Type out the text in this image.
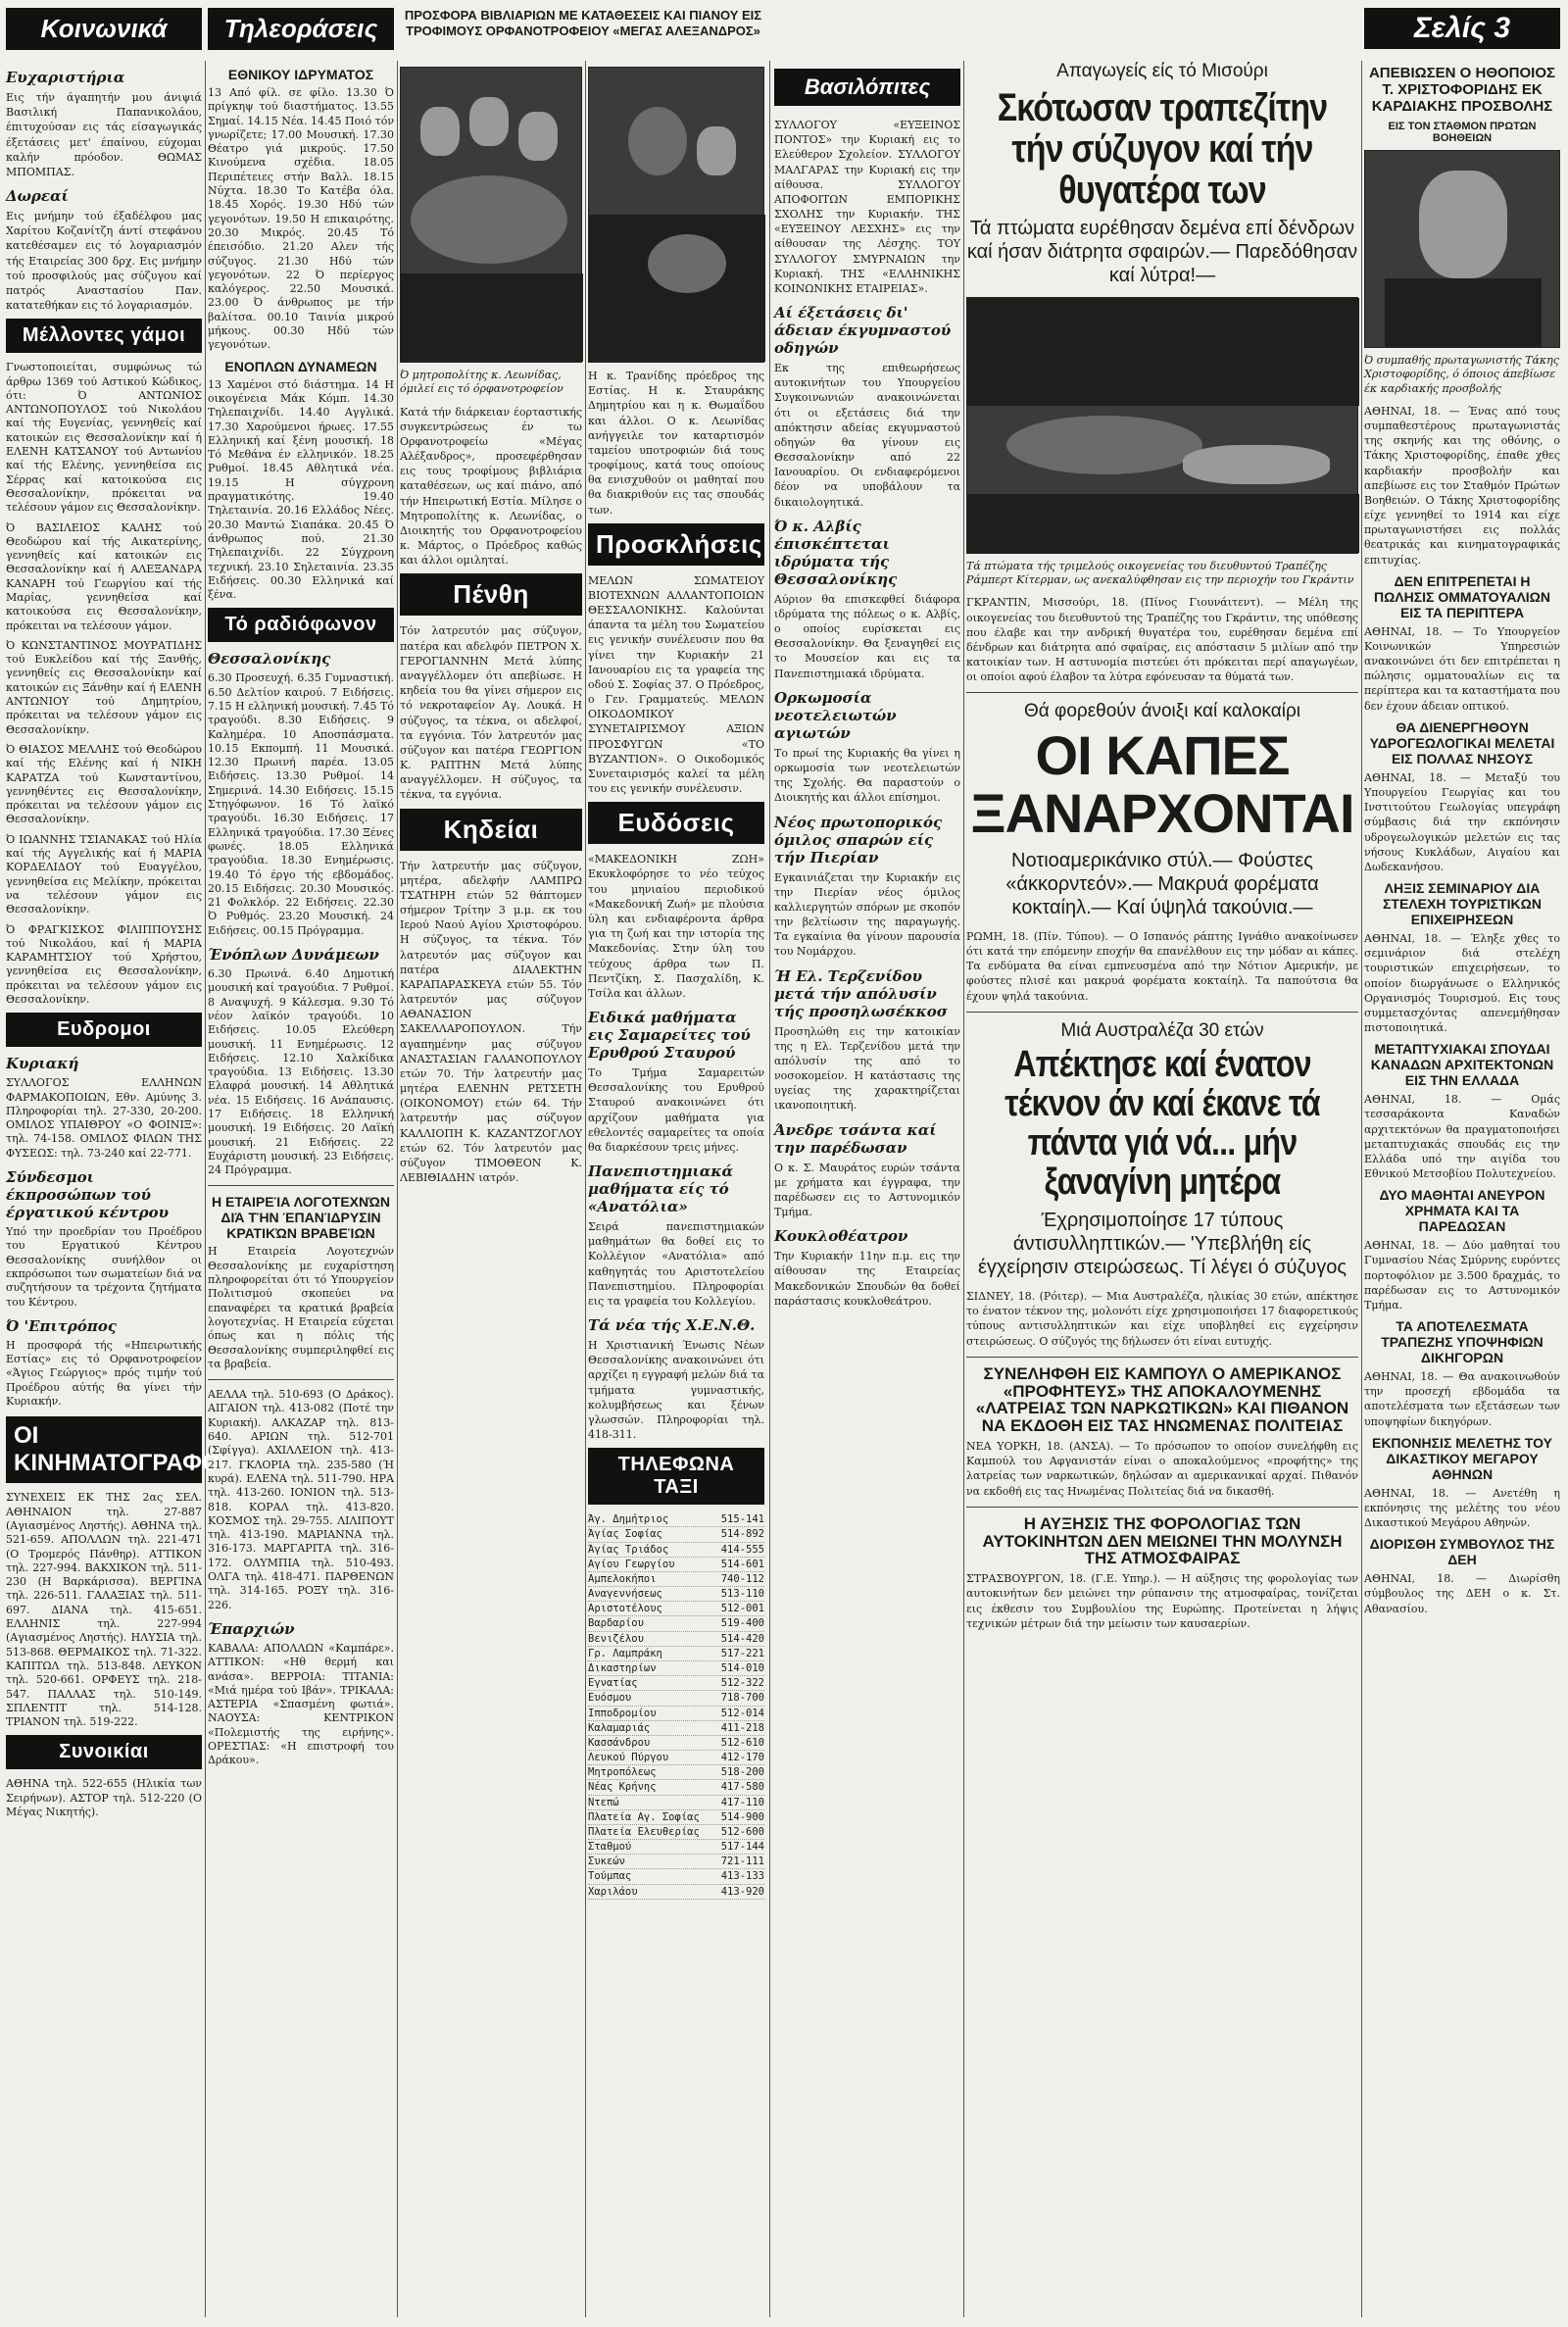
Κοινωνικά	Τηλεοράσεις	ΠΡΟΣΦΟΡΑ ΒΙΒΛΙΑΡΙΩΝ ΜΕ ΚΑΤΑΘΕΣΕΙΣ ΚΑΙ ΠΙΑΝΟΥ ΕΙΣ ΤΡΟΦΙΜΟΥΣ ΟΡΦΑΝΟΤΡΟΦΕΙΟΥ «ΜΕΓΑΣ ΑΛΕΞΑΝΔΡΟΣ»
Βασιλόπιτες
Σελίς 3
Ευχαριστήρια

Εις τήν άγαπητήν μου άνιψιά Βασιλική Παπανικολάου, έπιτυχούσαν εις τάς είσαγωγικάς έξετάσεις μετ' έπαίνου, εύχομαι καλήν πρόοδον. ΘΩΜΑΣ ΜΠΟΜΠΑΣ.

Δωρεαί

Εις μνήμην τού έξαδέλφου μας Χαρίτου Κοζανίτζη άντί στεφάνου κατεθέσαμεν εις τό λογαριασμόν τής Εταιρείας 300 δρχ. Εις μνήμην τού προσφιλούς μας σύζυγου καί πατρός Αναστασίου Παν. κατατεθήκαν εις τό λογαριασμόν.

Μέλλοντες γάμοι

Γνωστοποιείται, συμφώνως τώ άρθρω 1369 τού Αστικού Κώδικος, ότι: Ό ΑΝΤΩΝΙΟΣ ΑΝΤΩΝΟΠΟΥΛΟΣ τού Νικολάου καί τής Ευγενίας, γεννηθείς καί κατοικών εις Θεσσαλονίκην καί ή ΕΛΕΝΗ ΚΑΤΣΑΝΟΥ τού Αντωνίου καί τής Ελένης, γεννηθείσα εις Σέρρας καί κατοικούσα εις Θεσσαλονίκην, πρόκειται να τελέσουν γάμον εις Θεσσαλονίκην.

Ό ΒΑΣΙΛΕΙΟΣ ΚΑΛΗΣ τού Θεοδώρου καί τής Αικατερίνης, γεννηθείς καί κατοικών εις Θεσσαλονίκην καί ή ΑΛΕΞΑΝΔΡΑ ΚΑΝΑΡΗ τού Γεωργίου καί τής Μαρίας, γεννηθείσα καί κατοικούσα εις Θεσσαλονίκην, πρόκειται να τελέσουν γάμον.

Ό ΚΩΝΣΤΑΝΤΙΝΟΣ ΜΟΥΡΑΤΙΔΗΣ τού Ευκλείδου καί τής Ξανθής, γεννηθείς εις Θεσσαλονίκην καί κατοικών εις Ξάνθην καί ή ΕΛΕΝΗ ΑΝΤΩΝΙΟΥ τού Δημητρίου, πρόκειται να τελέσουν γάμον εις Θεσσαλονίκην.

Ό ΘΙΑΣΟΣ ΜΕΛΛΗΣ τού Θεοδώρου καί τής Ελένης καί ή ΝΙΚΗ ΚΑΡΑΤΖΑ τού Κωνσταντίνου, γεννηθέντες εις Θεσσαλονίκην, πρόκειται να τελέσουν γάμον εις Θεσσαλονίκην.

Ό ΙΩΑΝΝΗΣ ΤΣΙΑΝΑΚΑΣ τού Ηλία καί τής Αγγελικής καί ή ΜΑΡΙΑ ΚΟΡΔΕΛΙΔΟΥ τού Ευαγγέλου, γεννηθείσα εις Μελίκην, πρόκειται να τελέσουν γάμον εις Θεσσαλονίκην.

Ό ΦΡΑΓΚΙΣΚΟΣ ΦΙΛΙΠΠΟΥΣΗΣ τού Νικολάου, καί ή ΜΑΡΙΑ ΚΑΡΑΜΗΤΣΙΟΥ τού Χρήστου, γεννηθείσα εις Θεσσαλονίκην, πρόκειται να τελέσουν γάμον εις Θεσσαλονίκην.

Ευδρομοι
Κυριακή

ΣΥΛΛΟΓΟΣ ΕΛΛΗΝΩΝ ΦΑΡΜΑΚΟΠΟΙΩΝ, Εθν. Αμύνης 3. Πληροφορίαι τηλ. 27-330, 20-200. ΟΜΙΛΟΣ ΥΠΑΙΘΡΟΥ «Ο ΦΟΙΝΙΞ»: τηλ. 74-158. ΟΜΙΛΟΣ ΦΙΛΩΝ ΤΗΣ ΦΥΣΕΩΣ: τηλ. 73-240 καί 22-771.

Σύνδεσμοι έκπροσώπων τού έργατικού κέντρου

Υπό την προεδρίαν του Προέδρου του Εργατικού Κέντρου Θεσσαλονίκης συνήλθον οι εκπρόσωποι των σωματείων διά να συζητήσουν τα τρέχοντα ζητήματα του Κέντρου.

Ό 'Επιτρόπος

Η προσφορά τής «Ηπειρωτικής Εστίας» εις τό Ορφανοτροφείον «Άγιος Γεώργιος» πρός τιμήν τού Προέδρου αύτής θα γίνει τήν Κυριακήν.

ΟΙ ΚΙΝΗΜΑΤΟΓΡΑΦΟΙ

ΣΥΝΕΧΕΙΣ ΕΚ ΤΗΣ 2ας ΣΕΛ. ΑΘΗΝΑΙΟΝ τηλ. 27-887 (Αγιασμένος Ληστής). ΑΘΗΝΑ τηλ. 521-659. ΑΠΟΛΛΩΝ τηλ. 221-471 (Ο Τρομερός Πάνθηρ). ΑΤΤΙΚΟΝ τηλ. 227-994. ΒΑΚΧΙΚΟΝ τηλ. 511-230 (Η Βαρκάρισσα). ΒΕΡΓΙΝΑ τηλ. 226-511. ΓΑΛΑΞΙΑΣ τηλ. 511-697. ΔΙΑΝΑ τηλ. 415-651. ΕΛΛΗΝΙΣ τηλ. 227-994 (Αγιασμένος Ληστής). ΗΛΥΣΙΑ τηλ. 513-868. ΘΕΡΜΑΙΚΟΣ τηλ. 71-322. ΚΑΠΙΤΩΛ τηλ. 513-848. ΛΕΥΚΟΝ τηλ. 520-661. ΟΡΦΕΥΣ τηλ. 218-547. ΠΑΛΛΑΣ τηλ. 510-149. ΣΠΛΕΝΤΙΤ τηλ. 514-128. ΤΡΙΑΝΟΝ τηλ. 519-222.

Συνοικίαι

ΑΘΗΝΑ τηλ. 522-655 (Ηλικία των Σειρήνων). ΑΣΤΟΡ τηλ. 512-220 (Ο Μέγας Νικητής).

ΕΘΝΙΚΟΥ ΙΔΡΥΜΑΤΟΣ

13 Από φίλ. σε φίλο. 13.30 Ό πρίγκηψ τού διαστήματος. 13.55 Σημαί. 14.15 Νέα. 14.45 Ποιό τόν γνωρίζετε; 17.00 Μουσική. 17.30 Θέατρο γιά μικρούς. 17.50 Κινούμενα σχέδια. 18.05 Περιπέτειες στήν Βαλλ. 18.15 Νύχτα. 18.30 Το Κατέβα όλα. 18.45 Χορός. 19.30 Ηδύ τών γεγονότων. 19.50 Η επικαιρότης. 20.30 Μικρός. 20.45 Τό έπεισόδιο. 21.20 Αλεν τής σύζυγος. 21.30 Ηδύ τών γεγονότων. 22 Ό περίεργος καλόγερος. 22.50 Μουσικά. 23.00 Ό άνθρωπος με τήν βαλίτσα. 00.10 Ταινία μικρού μήκους. 00.30 Ηδύ τών γεγονότων.

ΕΝΟΠΛΩΝ ΔΥΝΑΜΕΩΝ

13 Χαμένοι στό διάστημα. 14 Η οικογένεια Μάκ Κόμπ. 14.30 Τηλεπαιχνίδι. 14.40 Αγγλικά. 17.30 Χαρούμενοι ήρωες. 17.55 Ελληνική καί ξένη μουσική. 18 Τό Μεθάνα έν ελληνικόν. 18.25 Ρυθμοί. 18.45 Αθλητικά νέα. 19.15 Η σύγχρονη πραγματικότης. 19.40 Τηλεταινία. 20.16 Ελλάδος Νέες. 20.30 Μαντώ Σιαπάκα. 20.45 Ό άνθρωπος πού. 21.30 Τηλεπαιχνίδι. 22 Σύγχρονη τεχνική. 23.10 Σηλεταινία. 23.35 Ειδήσεις. 00.30 Ελληνικά καί ξένα.

Τό ραδιόφωνον
Θεσσαλονίκης

6.30 Προσευχή. 6.35 Γυμναστική. 6.50 Δελτίον καιρού. 7 Ειδήσεις. 7.15 Η ελληνική μουσική. 7.45 Τό τραγούδι. 8.30 Ειδήσεις. 9 Καλημέρα. 10 Αποσπάσματα. 10.15 Εκπομπή. 11 Μουσικά. 12.30 Πρωινή παρέα. 13.05 Ειδήσεις. 13.30 Ρυθμοί. 14 Σημερινά. 14.30 Ειδήσεις. 15.15 Στηγόφωνον. 16 Τό λαϊκό τραγούδι. 16.30 Ειδήσεις. 17 Ελληνικά τραγούδια. 17.30 Ξένες φωνές. 18.05 Ελληνικά τραγούδια. 18.30 Ενημέρωσις. 19.40 Τό έργο τής εβδομάδος. 20.15 Ειδήσεις. 20.30 Μουσικός. 21 Φολκλόρ. 22 Ειδήσεις. 22.30 Ό Ρυθμός. 23.20 Μουσική. 24 Ειδήσεις. 00.15 Πρόγραμμα.

Ένόπλων Δυνάμεων

6.30 Πρωινά. 6.40 Δημοτική μουσική καί τραγούδια. 7 Ρυθμοί. 8 Αναψυχή. 9 Κάλεσμα. 9.30 Τό νέον λαϊκόν τραγούδι. 10 Ειδήσεις. 10.05 Ελεύθερη μουσική. 11 Ενημέρωσις. 12 Ειδήσεις. 12.10 Χαλκίδικα τραγούδια. 13 Ειδήσεις. 13.30 Ελαφρά μουσική. 14 Αθλητικά νέα. 15 Ειδήσεις. 16 Ανάπαυσις. 17 Ειδήσεις. 18 Ελληνική μουσική. 19 Ειδήσεις. 20 Λαϊκή μουσική. 21 Ειδήσεις. 22 Ευχάριστη μουσική. 23 Ειδήσεις. 24 Πρόγραμμα.

Η ΕΤΑΙΡΕΊΑ ΛΟΓΟΤΕΧΝΏΝ ΔΙΆ ΤΉΝ ΈΠΑΝΊΔΡΥΣΙΝ ΚΡΑΤΙΚΏΝ ΒΡΑΒΕΊΩΝ

Η Εταιρεία Λογοτεχνών Θεσσαλονίκης με ευχαρίστηση πληροφορείται ότι τό Υπουργείον Πολιτισμού σκοπεύει να επαναφέρει τα κρατικά βραβεία λογοτεχνίας. Η Εταιρεία εύχεται όπως και η πόλις τής Θεσσαλονίκης συμπεριληφθεί εις τα βραβεία.

ΑΕΛΛΑ τηλ. 510-693 (Ο Δράκος). ΑΙΓΑΙΟΝ τηλ. 413-082 (Ποτέ την Κυριακή). ΑΛΚΑΖΑΡ τηλ. 813-640. ΑΡΙΩΝ τηλ. 512-701 (Σφίγγα). ΑΧΙΛΛΕΙΟΝ τηλ. 413-217. ΓΚΛΟΡΙΑ τηλ. 235-580 (Ή κυρά). ΕΛΕΝΑ τηλ. 511-790. ΗΡΑ τηλ. 413-260. ΙΟΝΙΟΝ τηλ. 513-818. ΚΟΡΑΛ τηλ. 413-820. ΚΟΣΜΟΣ τηλ. 29-755. ΛΙΛΙΠΟΥΤ τηλ. 413-190. ΜΑΡΙΑΝΝΑ τηλ. 316-173. ΜΑΡΓΑΡΙΤΑ τηλ. 316-172. ΟΛΥΜΠΙΑ τηλ. 510-493. ΟΛΓΑ τηλ. 418-471. ΠΑΡΘΕΝΩΝ τηλ. 314-165. ΡΟΞΥ τηλ. 316-226.

Έπαρχιών

ΚΑΒΑΛΑ: ΑΠΟΛΛΩΝ «Καμπάρε». ΑΤΤΙΚΟΝ: «Ηθ θερμή και ανάσα». ΒΕΡΡΟΙΑ: ΤΙΤΑΝΙΑ: «Μιά ημέρα τού Ιβάν». ΤΡΙΚΑΛΑ: ΑΣΤΕΡΙΑ «Σπασμένη φωτιά». ΝΑΟΥΣΑ: ΚΕΝΤΡΙΚΟΝ «Πολεμιστής της ειρήνης». ΟΡΕΣΤΙΑΣ: «Η επιστροφή του Δράκου».

Ό μητροπολίτης κ. Λεωνίδας, όμιλεί εις τό όρφανοτροφείον

Κατά τήν διάρκειαν έορταστικής συγκεντρώσεως έν τω Ορφανοτροφείω «Μέγας Αλέξανδρος», προσεφέρθησαν εις τους τροφίμους βιβλιάρια καταθέσεων, ως καί πιάνο, από τήν Ηπειρωτική Εστία. Μίλησε ο Μητροπολίτης κ. Λεωνίδας, ο Διοικητής του Ορφανοτροφείου κ. Μάρτος, ο Πρόεδρος καθώς και άλλοι ομιληταί.

Πένθη

Τόν λατρευτόν μας σύζυγον, πατέρα και αδελφόν ΠΕΤΡΟΝ Χ. ΓΕΡΟΓΙΑΝΝΗΝ Μετά λύπης αναγγέλλομεν ότι απεβίωσε. Η κηδεία του θα γίνει σήμερον εις τό νεκροταφείον Αγ. Λουκά. Η σύζυγος, τα τέκνα, οι αδελφοί, τα εγγόνια. Τόν λατρευτόν μας σύζυγον και πατέρα ΓΕΩΡΓΙΟΝ Κ. ΡΑΠΤΗΝ Μετά λύπης αναγγέλλομεν. Η σύζυγος, τα τέκνα, τα εγγόνια.

Κηδείαι

Τήν λατρευτήν μας σύζυγον, μητέρα, αδελφήν ΛΑΜΠΡΩ ΤΣΑΤΗΡΗ ετών 52 θάπτομεν σήμερον Τρίτην 3 μ.μ. εκ του Ιερού Ναού Αγίου Χριστοφόρου. Η σύζυγος, τα τέκνα. Τόν λατρευτόν μας σύζυγον και πατέρα ΔΙΑΛΕΚΤΗΝ ΚΑΡΑΠΑΡΑΣΚΕΥΑ ετών 55. Τόν λατρευτόν μας σύζυγον ΑΘΑΝΑΣΙΟΝ ΣΑΚΕΛΛΑΡΟΠΟΥΛΟΝ. Τήν αγαπημένην μας σύζυγον ΑΝΑΣΤΑΣΙΑΝ ΓΑΛΑΝΟΠΟΥΛΟΥ ετών 70. Τήν λατρευτήν μας μητέρα ΕΛΕΝΗΝ ΡΕΤΣΕΤΗ (ΟΙΚΟΝΟΜΟΥ) ετών 64. Τήν λατρευτήν μας σύζυγον ΚΑΛΛΙΟΠΗ Κ. ΚΑΖΑΝΤΖΟΓΛΟΥ ετών 62. Τόν λατρευτόν μας σύζυγον ΤΙΜΟΘΕΟΝ Κ. ΛΕΒΙΘΙΑΔΗΝ ιατρόν.

Η κ. Τρανίδης πρόεδρος της Εστίας. Η κ. Σταυράκης Δημητρίου και η κ. Θωμαΐδου και άλλοι. Ο κ. Λεωνίδας ανήγγειλε τον καταρτισμόν ταμείου υποτροφιών διά τους τροφίμους, κατά τους οποίους θα ενισχυθούν οι μαθηταί που θα διακριθούν εις τας σπουδάς των.

Προσκλήσεις

ΜΕΛΩΝ ΣΩΜΑΤΕΙΟΥ ΒΙΟΤΕΧΝΩΝ ΑΛΛΑΝΤΟΠΟΙΩΝ ΘΕΣΣΑΛΟΝΙΚΗΣ. Καλούνται άπαντα τα μέλη του Σωματείου εις γενικήν συνέλευσιν που θα γίνει την Κυριακήν 21 Ιανουαρίου εις τα γραφεία της οδού Σ. Σοφίας 37. Ο Πρόεδρος, ο Γεν. Γραμματεύς. ΜΕΛΩΝ ΟΙΚΟΔΟΜΙΚΟΥ ΣΥΝΕΤΑΙΡΙΣΜΟΥ ΑΞΙΩΝ ΠΡΟΣΦΥΓΩΝ «ΤΟ ΒΥΖΑΝΤΙΟΝ». Ο Οικοδομικός Συνεταιρισμός καλεί τα μέλη του εις γενικήν συνέλευσιν.

Ευδόσεις

«ΜΑΚΕΔΟΝΙΚΗ ΖΩΗ» Εκυκλοφόρησε το νέο τεύχος του μηνιαίου περιοδικού «Μακεδονική Ζωή» με πλούσια ύλη και ενδιαφέροντα άρθρα για τη ζωή και την ιστορία της Μακεδονίας. Στην ύλη του τεύχους άρθρα των Π. Πεντζίκη, Σ. Πασχαλίδη, Κ. Τσίλα και άλλων.

Ειδικά μαθήματα εις Σαμαρείτες τού Ερυθρού Σταυρού

Το Τμήμα Σαμαρειτών Θεσσαλονίκης του Ερυθρού Σταυρού ανακοινώνει ότι αρχίζουν μαθήματα για εθελοντές σαμαρείτες τα οποία θα διαρκέσουν τρεις μήνες.

Πανεπιστημιακά μαθήματα είς τό «Ανατόλια»

Σειρά πανεπιστημιακών μαθημάτων θα δοθεί εις το Κολλέγιον «Ανατόλια» από καθηγητάς του Αριστοτελείου Πανεπιστημίου. Πληροφορίαι εις τα γραφεία του Κολλεγίου.

Τά νέα τής Χ.Ε.Ν.Θ.

Η Χριστιανική Ένωσις Νέων Θεσσαλονίκης ανακοινώνει ότι αρχίζει η εγγραφή μελών διά τα τμήματα γυμναστικής, κολυμβήσεως και ξένων γλωσσών. Πληροφορίαι τηλ. 418-311.

ΤΗΛΕΦΩΝΑ ΤΑΞΙ
Άγ. Δημήτριος	515-141
Άγίας Σοφίας	514-892
Άγίας Τριάδος	414-555
Αγίου Γεωργίου	514-601
Αμπελοκήποι	740-112
Αναγεννήσεως	513-110
Αριστοτέλους	512-001
Βαρδαρίου	519-400
Βενιζέλου	514-420
Γρ. Λαμπράκη	517-221
Δικαστηρίων	514-010
Εγνατίας	512-322
Ευόσμου	718-700
Ιπποδρομίου	512-014
Καλαμαριάς	411-218
Κασσάνδρου	512-610
Λευκού Πύργου	412-170
Μητροπόλεως	518-200
Νέας Κρήνης	417-580
Ντεπώ	417-110
Πλατεία Αγ. Σοφίας 514-900
Πλατεία Ελευθερίας 512-600
Σταθμού	517-144
Συκεών	721-111
Τούμπας	413-133
Χαριλάου	413-920

ΣΥΛΛΟΓΟΥ «ΕΥΞΕΙΝΟΣ ΠΟΝΤΟΣ» την Κυριακή εις το Ελεύθερον Σχολείον. ΣΥΛΛΟΓΟΥ ΜΑΛΓΑΡΑΣ την Κυριακή εις την αίθουσα. ΣΥΛΛΟΓΟΥ ΑΠΟΦΟΙΤΩΝ ΕΜΠΟΡΙΚΗΣ ΣΧΟΛΗΣ την Κυριακήν. ΤΗΣ «ΕΥΞΕΙΝΟΥ ΛΕΣΧΗΣ» εις την αίθουσαν της Λέσχης. ΤΟΥ ΣΥΛΛΟΓΟΥ ΣΜΥΡΝΑΙΩΝ την Κυριακή. ΤΗΣ «ΕΛΛΗΝΙΚΗΣ ΚΟΙΝΩΝΙΚΗΣ ΕΤΑΙΡΕΙΑΣ».

Αί έξετάσεις δι' άδειαν έκγυμναστού οδηγών

Εκ της επιθεωρήσεως αυτοκινήτων του Υπουργείου Συγκοινωνιών ανακοινώνεται ότι οι εξετάσεις διά την απόκτησιν αδείας εκγυμναστού οδηγών θα γίνουν εις Θεσσαλονίκην από 22 Ιανουαρίου. Οι ενδιαφερόμενοι δέον να υποβάλουν τα δικαιολογητικά.

Ό κ. Αλβίς έπισκέπτεται ιδρύματα τής Θεσσαλονίκης

Αύριον θα επισκεφθεί διάφορα ιδρύματα της πόλεως ο κ. Αλβίς, ο οποίος ευρίσκεται εις Θεσσαλονίκην. Θα ξεναγηθεί εις το Μουσείον και εις τα Πανεπιστημιακά ιδρύματα.

Ορκωμοσία νεοτελειωτών αγιωτών

Το πρωί της Κυριακής θα γίνει η ορκωμοσία των νεοτελειωτών της Σχολής. Θα παραστούν ο Διοικητής και άλλοι επίσημοι.

Νέος πρωτοπορικός όμιλος σπαρών είς τήν Πιερίαν

Εγκαινιάζεται την Κυριακήν εις την Πιερίαν νέος όμιλος καλλιεργητών σπόρων με σκοπόν την βελτίωσιν της παραγωγής. Τα εγκαίνια θα γίνουν παρουσία του Νομάρχου.

Ή Ελ. Τερζενίδου μετά τήν απόλυσίν τής προσηλωσέκκοσ

Προσηλώθη εις την κατοικίαν της η Ελ. Τερζενίδου μετά την απόλυσίν της από το νοσοκομείον. Η κατάστασις της υγείας της χαρακτηρίζεται ικανοποιητική.

Άνεδρε τσάντα καί την παρέδωσαν

Ο κ. Σ. Μαυράτος ευρών τσάντα με χρήματα και έγγραφα, την παρέδωσεν εις το Αστυνομικόν Τμήμα.

Κουκλοθέατρον

Την Κυριακήν 11ην π.μ. εις την αίθουσαν της Εταιρείας Μακεδονικών Σπουδών θα δοθεί παράστασις κουκλοθεάτρου.

Απαγωγείς είς τό Μισούρι
Σκότωσαν τραπεζίτην τήν σύζυγον καί τήν θυγατέρα των
Τά πτώματα ευρέθησαν δεμένα επί δένδρων καί ήσαν διάτρητα σφαιρών.— Παρεδόθησαν καί λύτρα!—
Τά πτώματα τής τριμελούς οικογενείας του διευθυντού Τραπέζης Ράμπερτ Κίτερμαν, ως ανεκαλύφθησαν εις την περιοχήν του Γκράντιν

ΓΚΡΑΝΤΙΝ, Μισσούρι, 18. (Πίνος Γιουνάιτεντ). — Μέλη της οικογενείας του διευθυντού της Τραπέζης του Γκράντιν, της υπόθεσης που έλαβε και την ανδρική θυγατέρα του, ευρέθησαν δεμένα επί δένδρων και διάτρητα από σφαίρας, εις απόστασιν 5 μιλίων από την κατοικίαν των. Η αστυνομία πιστεύει ότι πρόκειται περί απαγωγέων, οι οποίοι αφού έλαβον τα λύτρα εφόνευσαν τα θύματά των.

Θά φορεθούν άνοιξι καί καλοκαίρι
ΟΙ ΚΑΠΕΣ ΞΑΝΑΡΧΟΝΤΑΙ
Νοτιοαμερικάνικο στύλ.— Φούστες «άκκορντεόν».— Μακρυά φορέματα κοκταίηλ.— Καί ύψηλά τακούνια.—

ΡΩΜΗ, 18. (Πίν. Τύπου). — Ο Ισπανός ράπτης Ιγνάθιο ανακοίνωσεν ότι κατά την επόμενην εποχήν θα επανέλθουν εις την μόδαν αι κάπες. Τα ενδύματα θα είναι εμπνευσμένα από την Νότιον Αμερικήν, με φούστες πλισέ και μακρυά φορέματα κοκταίηλ. Τα παπούτσια θα έχουν ψηλά τακούνια.

Μιά Αυστραλέζα 30 ετών
Απέκτησε καί ένατον τέκνον άν καί έκανε τά πάντα γιά νά... μήν ξαναγίνη μητέρα
Έχρησιμοποίησε 17 τύπους άντισυλληπτικών.— 'Υπεβλήθη είς έγχείρησιν στειρώσεως. Τί λέγει ό σύζυγος

ΣΙΔΝΕΥ, 18. (Ρόιτερ). — Μια Αυστραλέζα, ηλικίας 30 ετών, απέκτησε το ένατον τέκνον της, μολονότι είχε χρησιμοποιήσει 17 διαφορετικούς τύπους αντισυλληπτικών και είχε υποβληθεί εις εγχείρησιν στειρώσεως. Ο σύζυγός της δήλωσεν ότι είναι ευτυχής.

ΣΥΝΕΛΗΦΘΗ ΕΙΣ ΚΑΜΠΟΥΛ Ο ΑΜΕΡΙΚΑΝΟΣ «ΠΡΟΦΗΤΕΥΣ» ΤΗΣ ΑΠΟΚΑΛΟΥΜΕΝΗΣ «ΛΑΤΡΕΙΑΣ ΤΩΝ ΝΑΡΚΩΤΙΚΩΝ» ΚΑΙ ΠΙΘΑΝΟΝ ΝΑ ΕΚΔΟΘΗ ΕΙΣ ΤΑΣ ΗΝΩΜΕΝΑΣ ΠΟΛΙΤΕΙΑΣ

ΝΕΑ ΥΟΡΚΗ, 18. (ΑΝΣΑ). — Το πρόσωπον το οποίον συνελήφθη εις Καμπούλ του Αφγανιστάν είναι ο αποκαλούμενος «προφήτης» της λατρείας των ναρκωτικών, δηλώσαν αι αμερικανικαί αρχαί. Πιθανόν να εκδοθή εις τας Ηνωμένας Πολιτείας διά να δικασθή.

Η ΑΥΞΗΣΙΣ ΤΗΣ ΦΟΡΟΛΟΓΙΑΣ ΤΩΝ ΑΥΤΟΚΙΝΗΤΩΝ ΔΕΝ ΜΕΙΩΝΕΙ ΤΗΝ ΜΟΛΥΝΣΗ ΤΗΣ ΑΤΜΟΣΦΑΙΡΑΣ

ΣΤΡΑΣΒΟΥΡΓΟΝ, 18. (Γ.Ε. Υπηρ.). — Η αύξησις της φορολογίας των αυτοκινήτων δεν μειώνει την ρύπανσιν της ατμοσφαίρας, τονίζεται εις έκθεσιν του Συμβουλίου της Ευρώπης. Προτείνεται η λήψις τεχνικών μέτρων διά την μείωσιν των καυσαερίων.

ΑΠΕΒΙΩΣΕΝ Ο ΗΘΟΠΟΙΟΣ Τ. ΧΡΙΣΤΟΦΟΡΙΔΗΣ ΕΚ ΚΑΡΔΙΑΚΗΣ ΠΡΟΣΒΟΛΗΣ
ΕΙΣ ΤΟΝ ΣΤΑΘΜΟΝ ΠΡΩΤΩΝ ΒΟΗΘΕΙΩΝ
Ό συμπαθής πρωταγωνιστής Τάκης Χριστοφορίδης, ό όποιος άπεβίωσε έκ καρδιακής προσβολής

ΑΘΗΝΑΙ, 18. — Ένας από τους συμπαθεστέρους πρωταγωνιστάς της σκηνής και της οθόνης, ο Τάκης Χριστοφορίδης, έπαθε χθες καρδιακήν προσβολήν και απεβίωσε εις τον Σταθμόν Πρώτων Βοηθειών. Ο Τάκης Χριστοφορίδης είχε γεννηθεί το 1914 και είχε πρωταγωνιστήσει εις πολλάς θεατρικάς και κινηματογραφικάς επιτυχίας.

ΔΕΝ ΕΠΙΤΡΕΠΕΤΑΙ Η ΠΩΛΗΣΙΣ ΟΜΜΑΤΟΥΑΛΙΩΝ ΕΙΣ ΤΑ ΠΕΡΙΠΤΕΡΑ

ΑΘΗΝΑΙ, 18. — Το Υπουργείον Κοινωνικών Υπηρεσιών ανακοινώνει ότι δεν επιτρέπεται η πώλησις ομματουαλίων εις τα περίπτερα και τα καταστήματα που δεν έχουν άδειαν οπτικού.

ΘΑ ΔΙΕΝΕΡΓΗΘΟΥΝ ΥΔΡΟΓΕΩΛΟΓΙΚΑΙ ΜΕΛΕΤΑΙ ΕΙΣ ΠΟΛΛΑΣ ΝΗΣΟΥΣ

ΑΘΗΝΑΙ, 18. — Μεταξύ του Υπουργείου Γεωργίας και του Ινστιτούτου Γεωλογίας υπεγράφη σύμβασις διά την εκπόνησιν υδρογεωλογικών μελετών εις τας νήσους Κυκλάδων, Αιγαίου και Δωδεκανήσου.

ΛΗΞΙΣ ΣΕΜΙΝΑΡΙΟΥ ΔΙΑ ΣΤΕΛΕΧΗ ΤΟΥΡΙΣΤΙΚΩΝ ΕΠΙΧΕΙΡΗΣΕΩΝ

ΑΘΗΝΑΙ, 18. — Έληξε χθες το σεμινάριον διά στελέχη τουριστικών επιχειρήσεων, το οποίον διωργάνωσε ο Ελληνικός Οργανισμός Τουρισμού. Εις τους συμμετασχόντας απενεμήθησαν πιστοποιητικά.

ΜΕΤΑΠΤΥΧΙΑΚΑΙ ΣΠΟΥΔΑΙ ΚΑΝΑΔΩΝ ΑΡΧΙΤΕΚΤΟΝΩΝ ΕΙΣ ΤΗΝ ΕΛΛΑΔΑ

ΑΘΗΝΑΙ, 18. — Ομάς τεσσαράκοντα Καναδών αρχιτεκτόνων θα πραγματοποιήσει μεταπτυχιακάς σπουδάς εις την Ελλάδα υπό την αιγίδα του Εθνικού Μετσοβίου Πολυτεχνείου.

ΔΥΟ ΜΑΘΗΤΑΙ ΑΝΕΥΡΟΝ ΧΡΗΜΑΤΑ ΚΑΙ ΤΑ ΠΑΡΕΔΩΣΑΝ

ΑΘΗΝΑΙ, 18. — Δύο μαθηταί του Γυμνασίου Νέας Σμύρνης ευρόντες πορτοφόλιον με 3.500 δραχμάς, το παρέδωσαν εις το Αστυνομικόν Τμήμα.

ΤΑ ΑΠΟΤΕΛΕΣΜΑΤΑ ΤΡΑΠΕΖΗΣ ΥΠΟΨΗΦΙΩΝ ΔΙΚΗΓΟΡΩΝ

ΑΘΗΝΑΙ, 18. — Θα ανακοινωθούν την προσεχή εβδομάδα τα αποτελέσματα των εξετάσεων των υποψηφίων δικηγόρων.

ΕΚΠΟΝΗΣΙΣ ΜΕΛΕΤΗΣ ΤΟΥ ΔΙΚΑΣΤΙΚΟΥ ΜΕΓΑΡΟΥ ΑΘΗΝΩΝ

ΑΘΗΝΑΙ, 18. — Ανετέθη η εκπόνησις της μελέτης του νέου Δικαστικού Μεγάρου Αθηνών.

ΔΙΟΡΙΣΘΗ ΣΥΜΒΟΥΛΟΣ ΤΗΣ ΔΕΗ

ΑΘΗΝΑΙ, 18. — Διωρίσθη σύμβουλος της ΔΕΗ ο κ. Στ. Αθανασίου.
